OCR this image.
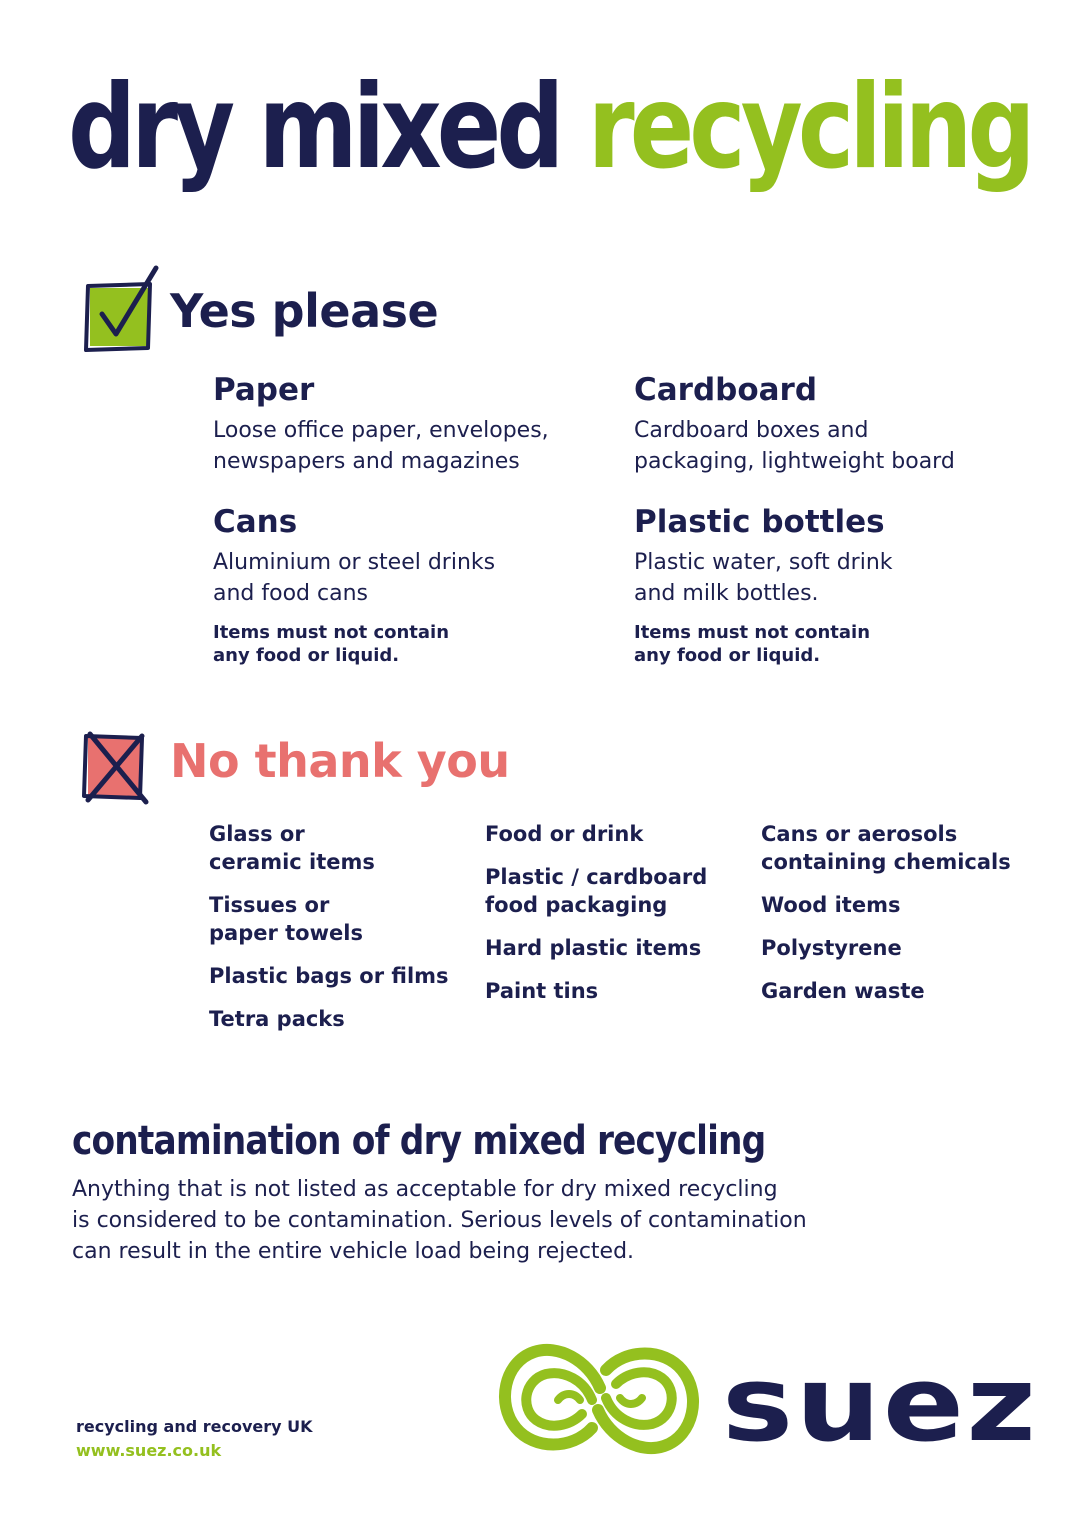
dry mixed recycling
Yes please
Paper
Loose office paper, envelopes,
newspapers and magazines
Cardboard
Cardboard boxes and
packaging, lightweight board
Cans
Aluminium or steel drinks
and food cans
Items must not contain
any food or liquid.
Plastic bottles
Plastic water, soft drink
and milk bottles.
Items must not contain
any food or liquid.
No thank you
Glass or
ceramic items
Tissues or
paper towels
Plastic bags or films
Tetra packs
Food or drink
Plastic / cardboard
food packaging
Hard plastic items
Paint tins
Cans or aerosols
containing chemicals
Wood items
Polystyrene
Garden waste
contamination of dry mixed recycling
Anything that is not listed as acceptable for dry mixed recycling
is considered to be contamination. Serious levels of contamination
can result in the entire vehicle load being rejected.
recycling and recovery UK
www.suez.co.uk	suez
